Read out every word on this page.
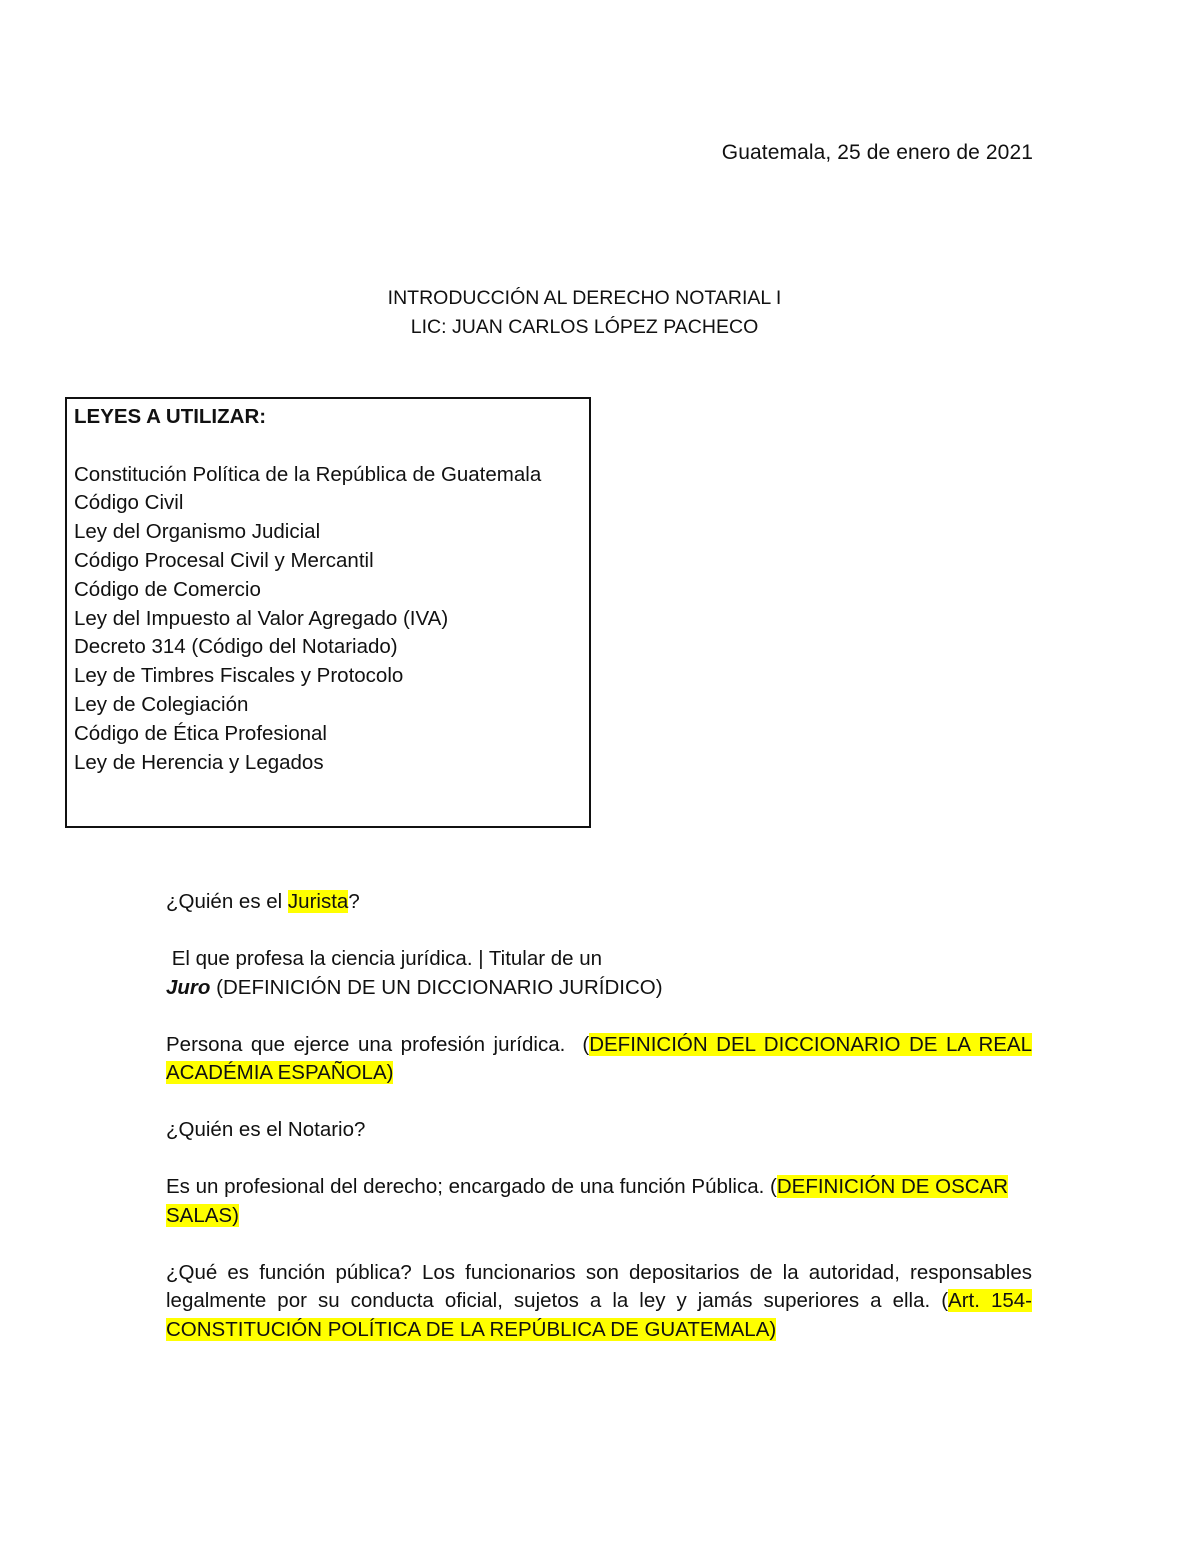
Guatemala, 25 de enero de 2021
INTRODUCCIÓN AL DERECHO NOTARIAL I
LIC: JUAN CARLOS LÓPEZ PACHECO
LEYES A UTILIZAR:
Constitución Política de la República de Guatemala
Código Civil
Ley del Organismo Judicial
Código Procesal Civil y Mercantil
Código de Comercio
Ley del Impuesto al Valor Agregado (IVA)
Decreto 314 (Código del Notariado)
Ley de Timbres Fiscales y Protocolo
Ley de Colegiación
Código de Ética Profesional
Ley de Herencia y Legados

¿Quién es el Jurista?

El que profesa la ciencia jurídica. | Titular de un
Juro (DEFINICIÓN DE UN DICCIONARIO JURÍDICO)

Persona que ejerce una profesión jurídica.  (DEFINICIÓN DEL DICCIONARIO DE LA REAL ACADÉMIA ESPAÑOLA)

¿Quién es el Notario?

Es un profesional del derecho; encargado de una función Pública. (DEFINICIÓN DE OSCAR SALAS)

¿Qué es función pública? Los funcionarios son depositarios de la autoridad, responsables legalmente por su conducta oficial, sujetos a la ley y jamás superiores a ella. (Art. 154- CONSTITUCIÓN POLÍTICA DE LA REPÚBLICA DE GUATEMALA)
